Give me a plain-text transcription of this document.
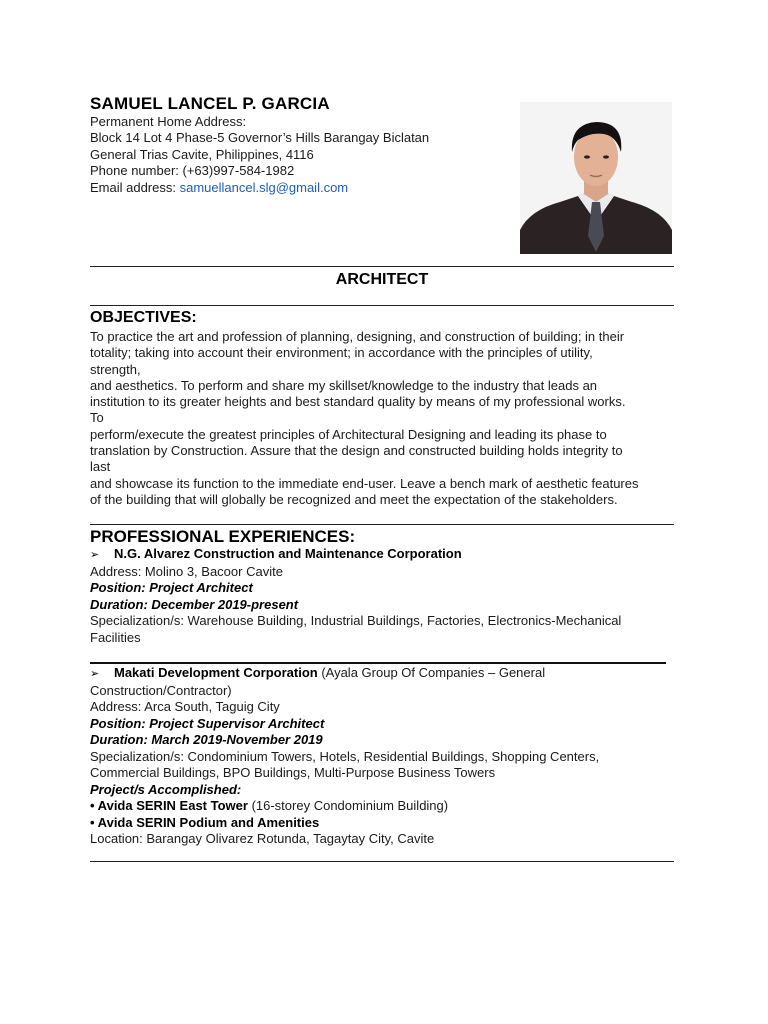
SAMUEL LANCEL P. GARCIA
Permanent Home Address:
Block 14 Lot 4 Phase-5 Governor’s Hills Barangay Biclatan
General Trias Cavite, Philippines, 4116
Phone number: (+63)997-584-1982
Email address: samuellancel.slg@gmail.com
ARCHITECT
OBJECTIVES:
To practice the art and profession of planning, designing, and construction of building; in their
totality; taking into account their environment; in accordance with the principles of utility,
strength,
and aesthetics. To perform and share my skillset/knowledge to the industry that leads an
institution to its greater heights and best standard quality by means of my professional works.
To
perform/execute the greatest principles of Architectural Designing and leading its phase to
translation by Construction. Assure that the design and constructed building holds integrity to
last
and showcase its function to the immediate end-user. Leave a bench mark of aesthetic features
of the building that will globally be recognized and meet the expectation of the stakeholders.
PROFESSIONAL EXPERIENCES:
➢ N.G. Alvarez Construction and Maintenance Corporation
Address: Molino 3, Bacoor Cavite
Position: Project Architect
Duration: December 2019-present
Specialization/s: Warehouse Building, Industrial Buildings, Factories, Electronics-Mechanical
Facilities
➢ Makati Development Corporation (Ayala Group Of Companies – General
Construction/Contractor)
Address: Arca South, Taguig City
Position: Project Supervisor Architect
Duration: March 2019-November 2019
Specialization/s: Condominium Towers, Hotels, Residential Buildings, Shopping Centers,
Commercial Buildings, BPO Buildings, Multi-Purpose Business Towers
Project/s Accomplished:
• Avida SERIN East Tower (16-storey Condominium Building)
• Avida SERIN Podium and Amenities
Location: Barangay Olivarez Rotunda, Tagaytay City, Cavite
